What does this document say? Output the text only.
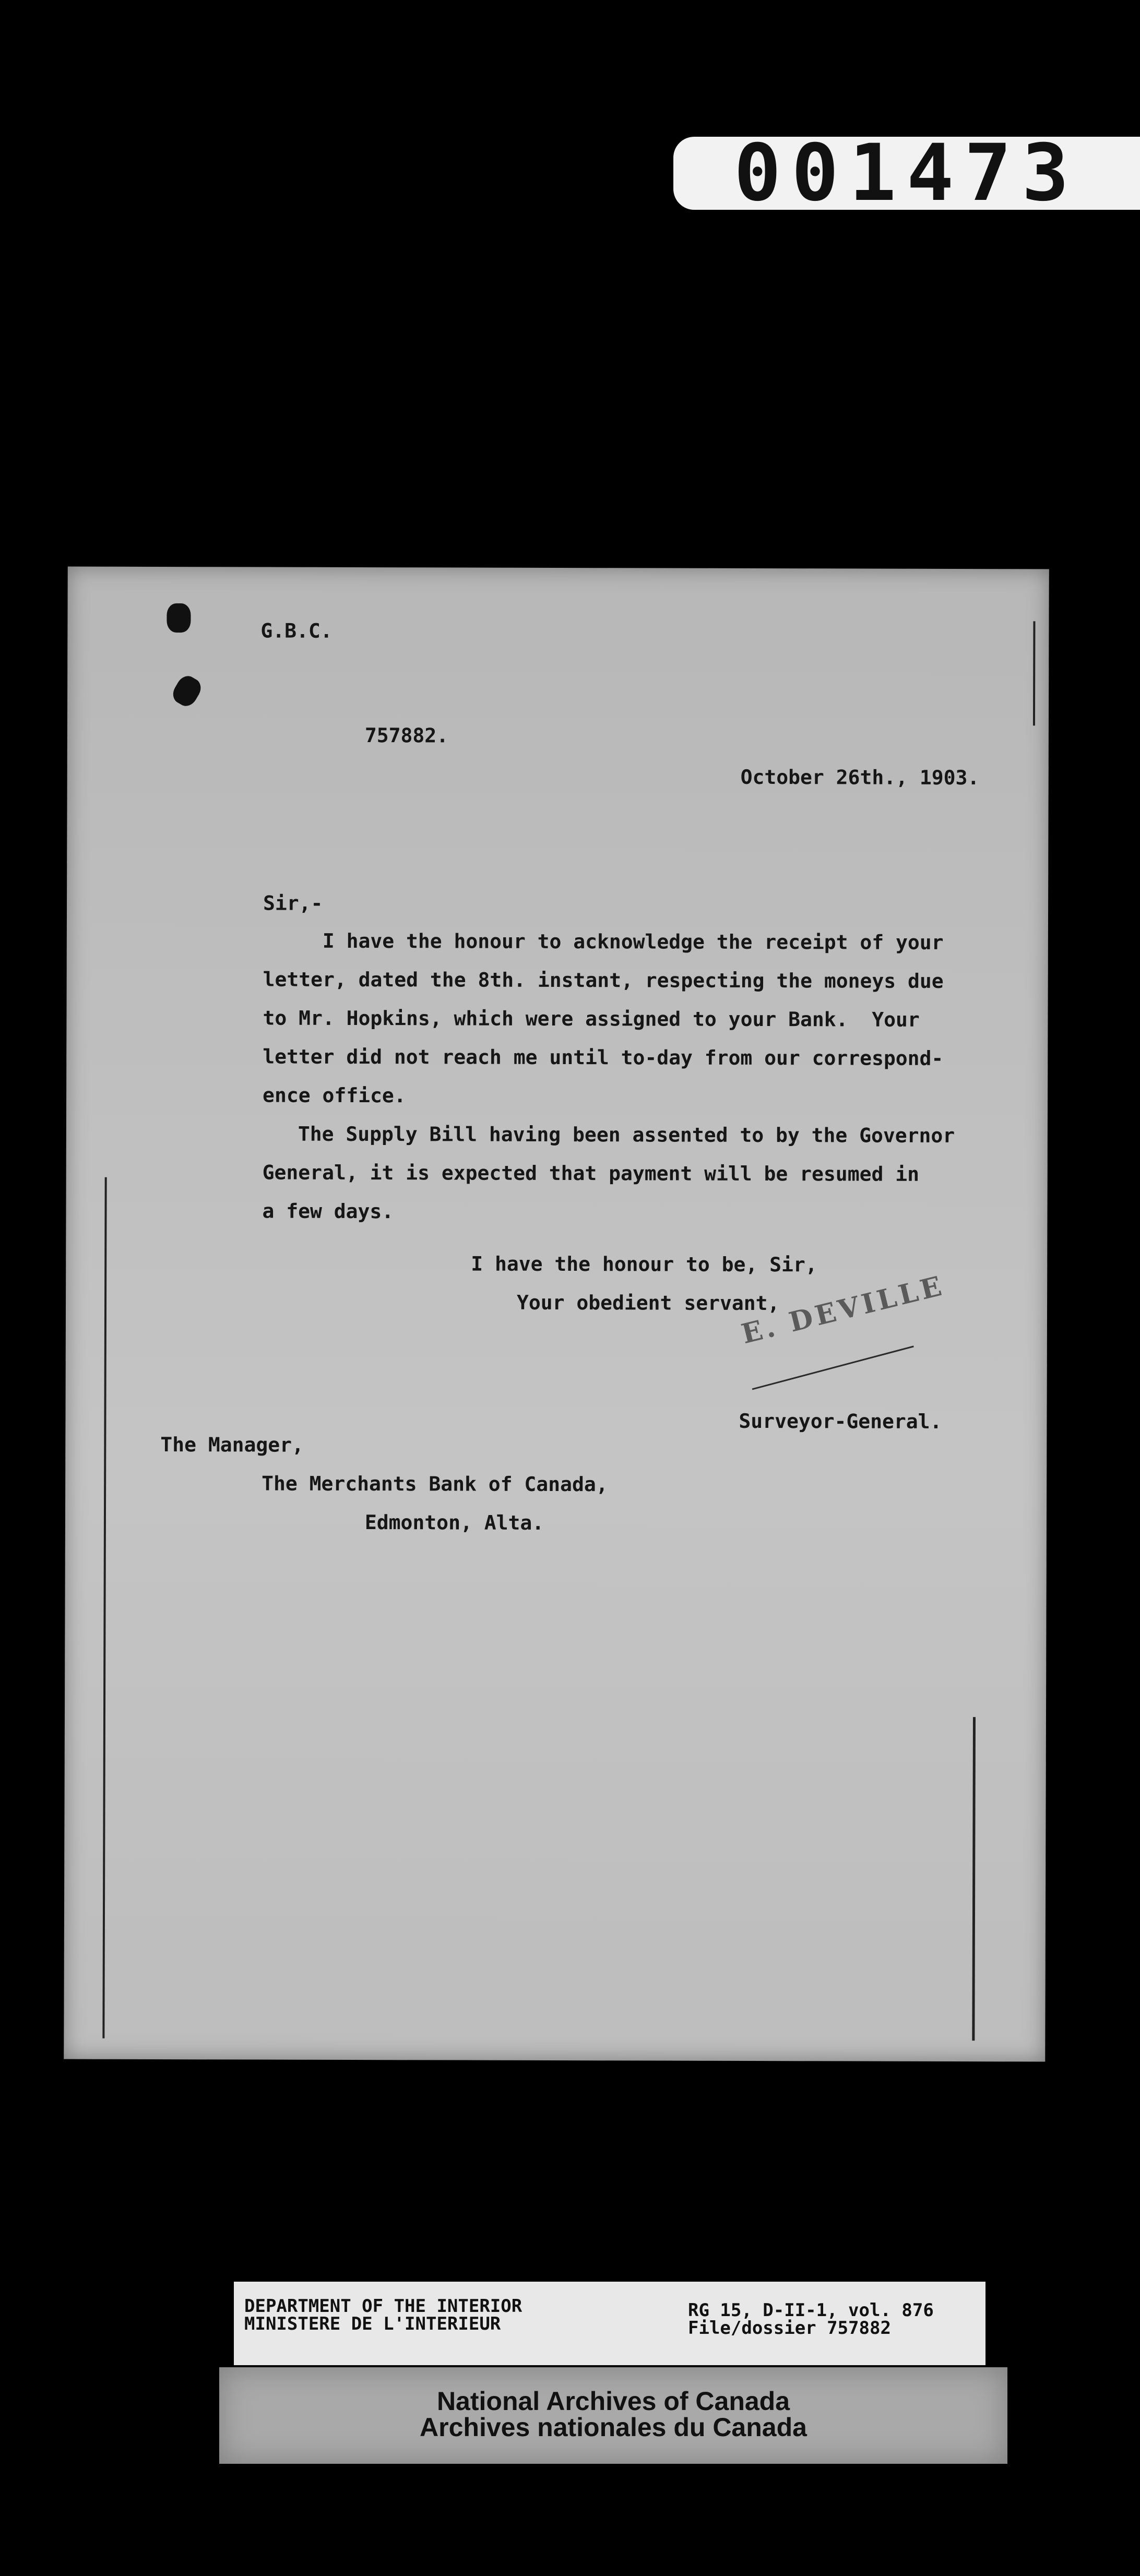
001473
G.B.C.
757882.
October 26th., 1903.
Sir,-
I have the honour to acknowledge the receipt of your
letter, dated the 8th. instant, respecting the moneys due
to Mr. Hopkins, which were assigned to your Bank.  Your
letter did not reach me until to-day from our correspond-
ence office.
The Supply Bill having been assented to by the Governor
General, it is expected that payment will be resumed in
a few days.
I have the honour to be, Sir,
Your obedient servant,
E. DEVILLE
Surveyor-General.
The Manager,
The Merchants Bank of Canada,
Edmonton, Alta.
DEPARTMENT OF THE INTERIOR
MINISTERE DE L'INTERIEUR
RG 15, D-II-1, vol. 876
File/dossier 757882
National Archives of Canada
Archives nationales du Canada
